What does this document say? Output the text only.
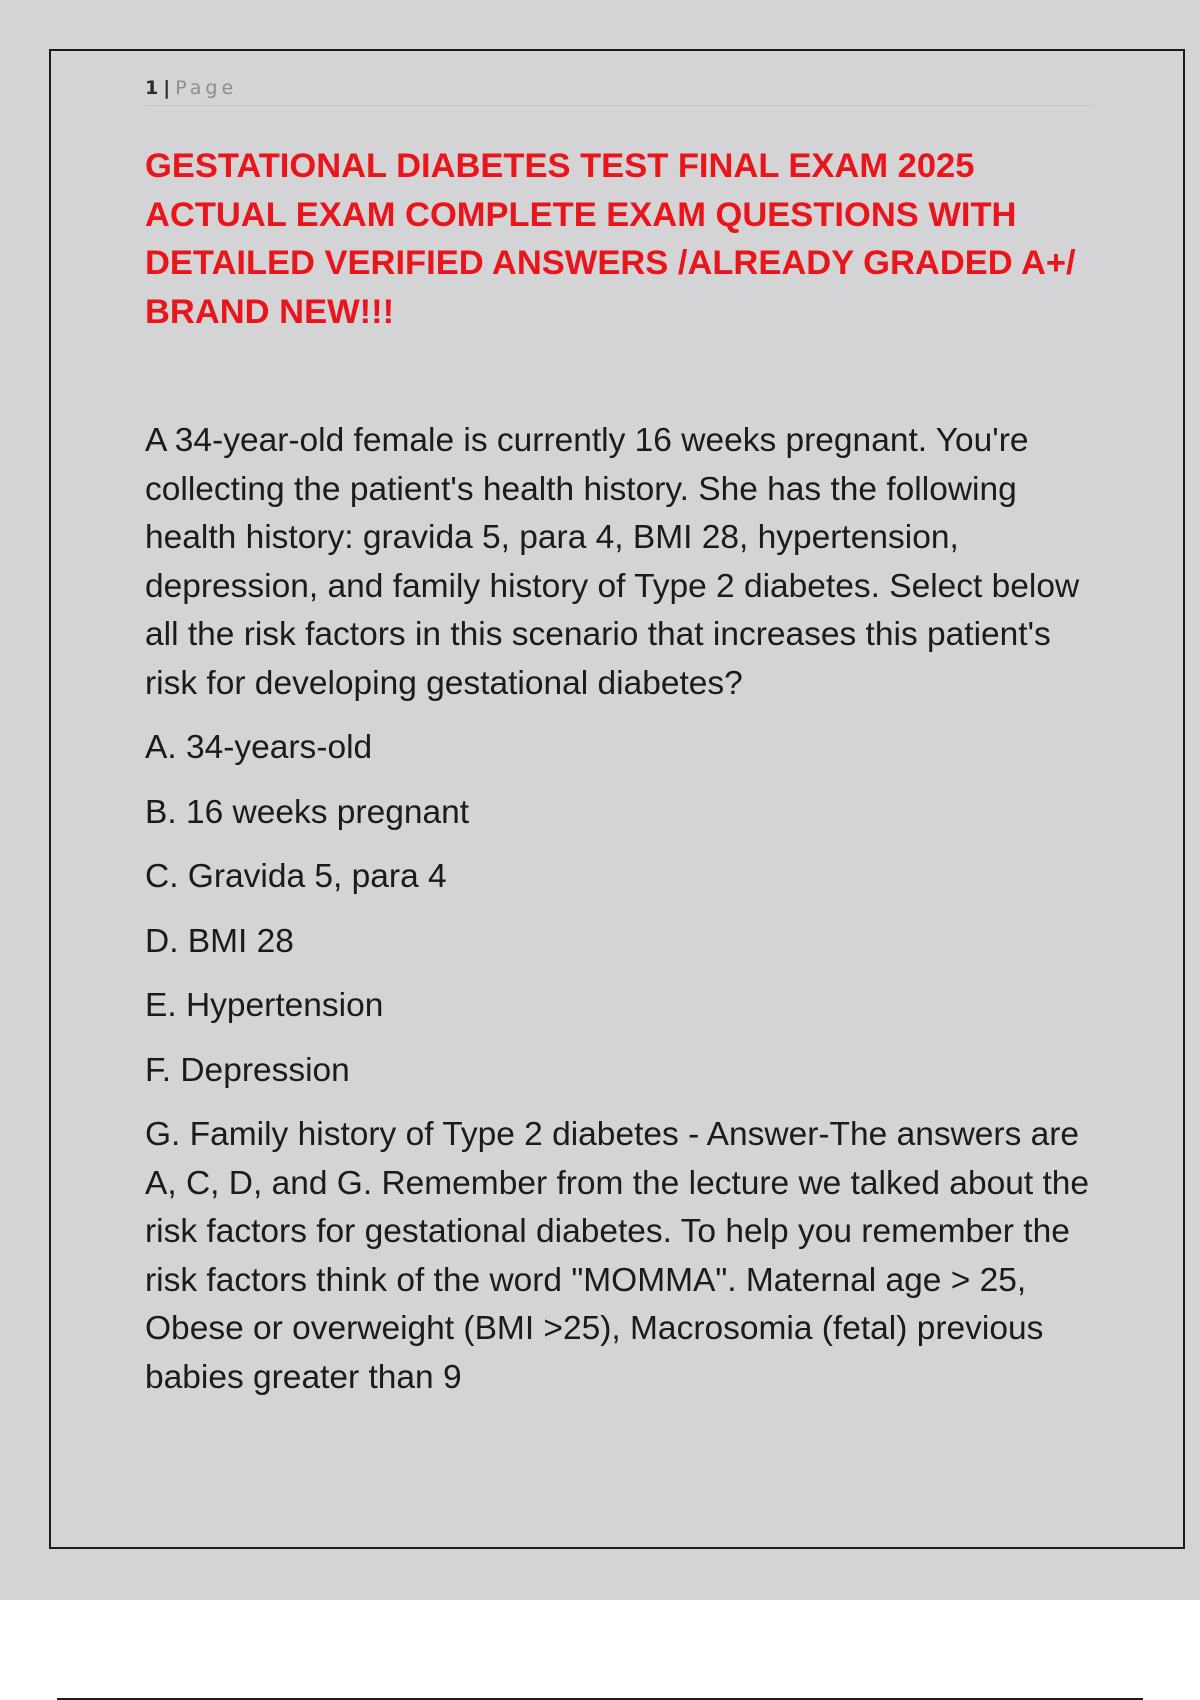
1 | Page
GESTATIONAL DIABETES TEST FINAL EXAM 2025 ACTUAL EXAM COMPLETE EXAM QUESTIONS WITH DETAILED VERIFIED ANSWERS /ALREADY GRADED A+/ BRAND NEW!!!

A 34-year-old female is currently 16 weeks pregnant. You're collecting the patient's health history. She has the following health history: gravida 5, para 4, BMI 28, hypertension, depression, and family history of Type 2 diabetes. Select below all the risk factors in this scenario that increases this patient's risk for developing gestational diabetes?

A. 34-years-old

B. 16 weeks pregnant

C. Gravida 5, para 4

D. BMI 28

E. Hypertension

F. Depression

G. Family history of Type 2 diabetes - Answer-The answers are A, C, D, and G. Remember from the lecture we talked about the risk factors for gestational diabetes. To help you remember the risk factors think of the word "MOMMA". Maternal age > 25, Obese or overweight (BMI >25), Macrosomia (fetal) previous babies greater than 9
